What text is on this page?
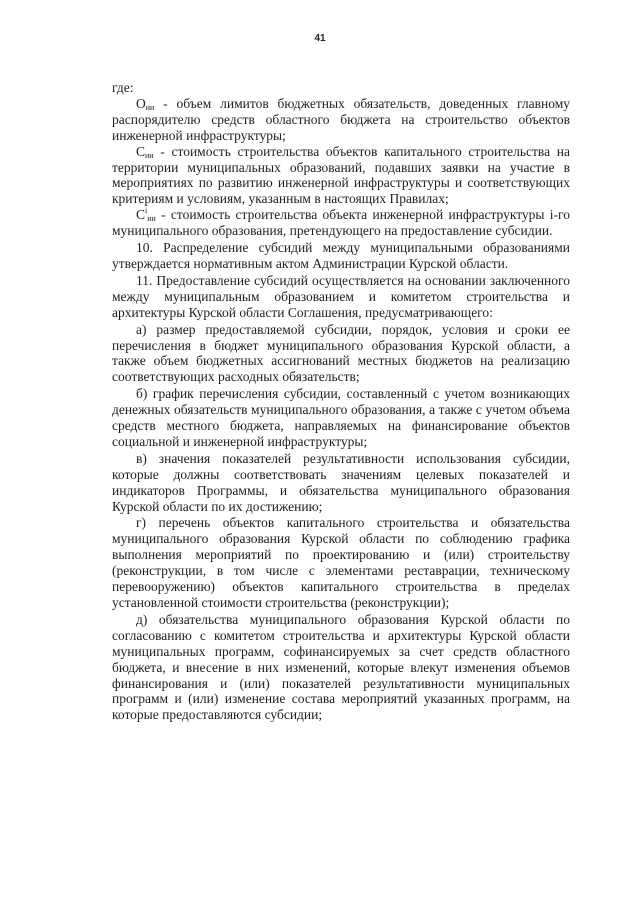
41

где:

$О_{ии}$ - объем лимитов бюджетных обязательств, доведенных главному распорядителю средств областного бюджета на строительство объектов инженерной инфраструктуры;

$С_{ии}$ - стоимость строительства объектов капитального строительства на территории муниципальных образований, подавших заявки на участие в мероприятиях по развитию инженерной инфраструктуры и соответствующих критериям и условиям, указанным в настоящих Правилах;

$С^i_{ии}$ - стоимость строительства объекта инженерной инфраструктуры i-го муниципального образования, претендующего на предоставление субсидии.

10. Распределение субсидий между муниципальными образованиями утверждается нормативным актом Администрации Курской области.

11. Предоставление субсидий осуществляется на основании заключенного между муниципальным образованием и комитетом строительства и архитектуры Курской области Соглашения, предусматривающего:

а) размер предоставляемой субсидии, порядок, условия и сроки ее перечисления в бюджет муниципального образования Курской области, а также объем бюджетных ассигнований местных бюджетов на реализацию соответствующих расходных обязательств;

б) график перечисления субсидии, составленный с учетом возникающих денежных обязательств муниципального образования, а также с учетом объема средств местного бюджета, направляемых на финансирование объектов социальной и инженерной инфраструктуры;

в) значения показателей результативности использования субсидии, которые должны соответствовать значениям целевых показателей и индикаторов Программы, и обязательства муниципального образования Курской области по их достижению;

г) перечень объектов капитального строительства и обязательства муниципального образования Курской области по соблюдению графика выполнения мероприятий по проектированию и (или) строительству (реконструкции, в том числе с элементами реставрации, техническому перевооружению) объектов капитального строительства в пределах установленной стоимости строительства (реконструкции);

д) обязательства муниципального образования Курской области по согласованию с комитетом строительства и архитектуры Курской области муниципальных программ, софинансируемых за счет средств областного бюджета, и внесение в них изменений, которые влекут изменения объемов финансирования и (или) показателей результативности муниципальных программ и (или) изменение состава мероприятий указанных программ, на которые предоставляются субсидии;
